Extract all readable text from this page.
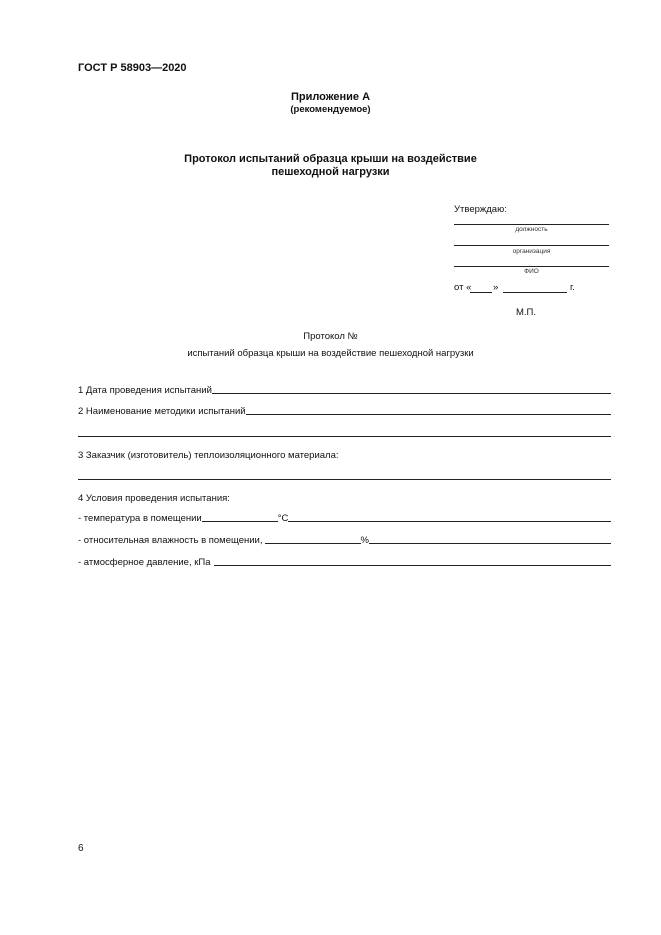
ГОСТ Р 58903—2020
Приложение А
(рекомендуемое)
Протокол испытаний образца крыши на воздействие
пешеходной нагрузки
Утверждаю:
должность
организация
ФИО
от « »	г.
М.П.
Протокол №
испытаний образца крыши на воздействие пешеходной нагрузки
1 Дата проведения испытаний
2 Наименование методики испытаний
3 Заказчик (изготовитель) теплоизоляционного материала:
4 Условия проведения испытания:
- температура в помещении	°С
- относительная влажность в помещении,	%
- атмосферное давление, кПа
6
